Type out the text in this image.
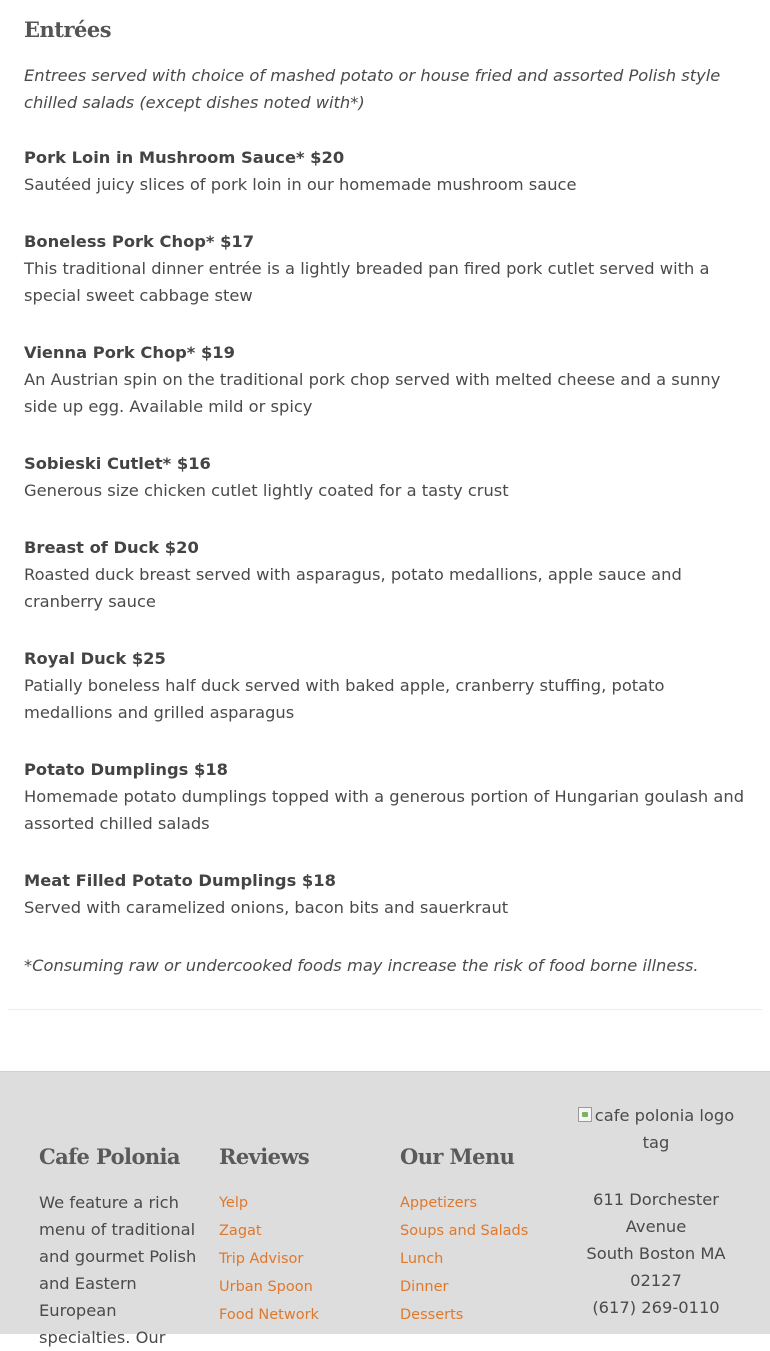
Entrées

Entrees served with choice of mashed potato or house fried and assorted Polish style chilled salads (except dishes noted with*)

Pork Loin in Mushroom Sauce* $20
Sautéed juicy slices of pork loin in our homemade mushroom sauce
Boneless Pork Chop* $17
This traditional dinner entrée is a lightly breaded pan fired pork cutlet served with a special sweet cabbage stew
Vienna Pork Chop* $19
An Austrian spin on the traditional pork chop served with melted cheese and a sunny side up egg. Available mild or spicy
Sobieski Cutlet* $16
Generous size chicken cutlet lightly coated for a tasty crust
Breast of Duck $20
Roasted duck breast served with asparagus, potato medallions, apple sauce and cranberry sauce
Royal Duck $25
Patially boneless half duck served with baked apple, cranberry stuffing, potato medallions and grilled asparagus
Potato Dumplings $18
Homemade potato dumplings topped with a generous portion of Hungarian goulash and assorted chilled salads
Meat Filled Potato Dumplings $18
Served with caramelized onions, bacon bits and sauerkraut

*Consuming raw or undercooked foods may increase the risk of food borne illness.

Cafe Polonia

We feature a rich menu of traditional and gourmet Polish and Eastern European specialties. Our

Reviews
Yelp
Zagat
Trip Advisor
Urban Spoon
Food Network
Our Menu
Appetizers
Soups and Salads
Lunch
Dinner
Desserts
cafe polonia logo tag
611 Dorchester Avenue
South Boston MA 02127
(617) 269-0110
